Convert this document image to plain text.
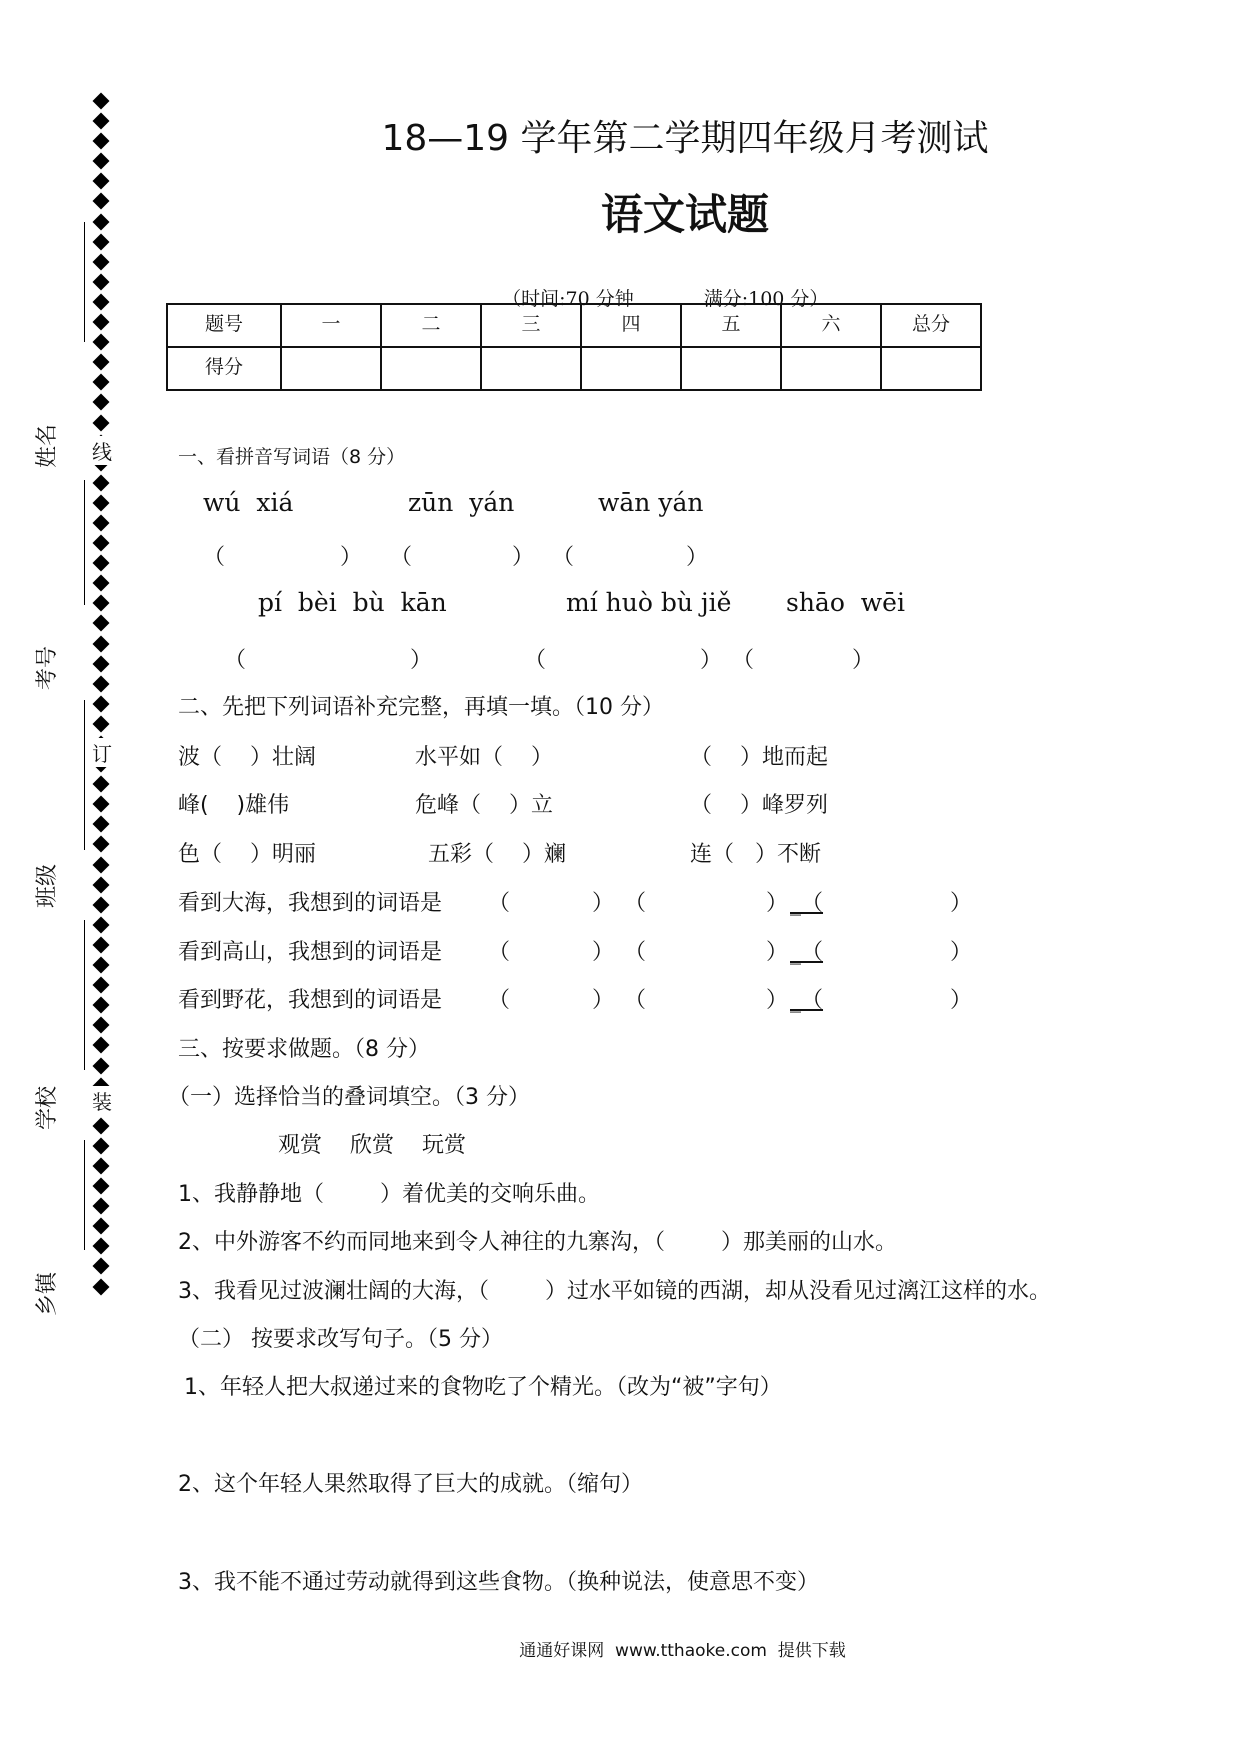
线
订
装
姓名
考号
班级
学校
乡镇
18—19 学年第二学期四年级月考测试
语文试题

（时间:70 分钟	满分:100 分）

题号	一	二	三	四	五	六	总分
得分							
一、看拼音写词语（8 分）
wú  xiá	zūn  yán	wān yán
（	） （	） （	）
pí  bèi  bù  kān	mí huò bù jiě shāo  wēi
（	）	（	） （	）
二、先把下列词语补充完整，再填一填。（10 分）
波（    ）壮阔	水平如（    ）	（    ）地而起
峰(    )雄伟	危峰（    ）立	（    ）峰罗列
色（    ）明丽	五彩（    ）斓	连（   ）不断
看到大海，我想到的词语是 （	） （	） _（	）
看到高山，我想到的词语是 （	） （	） _（	）
看到野花，我想到的词语是 （	） （	） _（	）
三、按要求做题。（8 分）
（一）选择恰当的叠词填空。（3 分）
观赏    欣赏    玩赏
1、我静静地（        ）着优美的交响乐曲。
2、中外游客不约而同地来到令人神往的九寨沟，（        ）那美丽的山水。
3、我看见过波澜壮阔的大海，（        ）过水平如镜的西湖，却从没看见过漓江这样的水。
（二） 按要求改写句子。（5 分）
1、年轻人把大叔递过来的食物吃了个精光。（改为“被”字句）
2、这个年轻人果然取得了巨大的成就。（缩句）
3、我不能不通过劳动就得到这些食物。（换种说法，使意思不变）
通通好课网  www.tthaoke.com  提供下载
